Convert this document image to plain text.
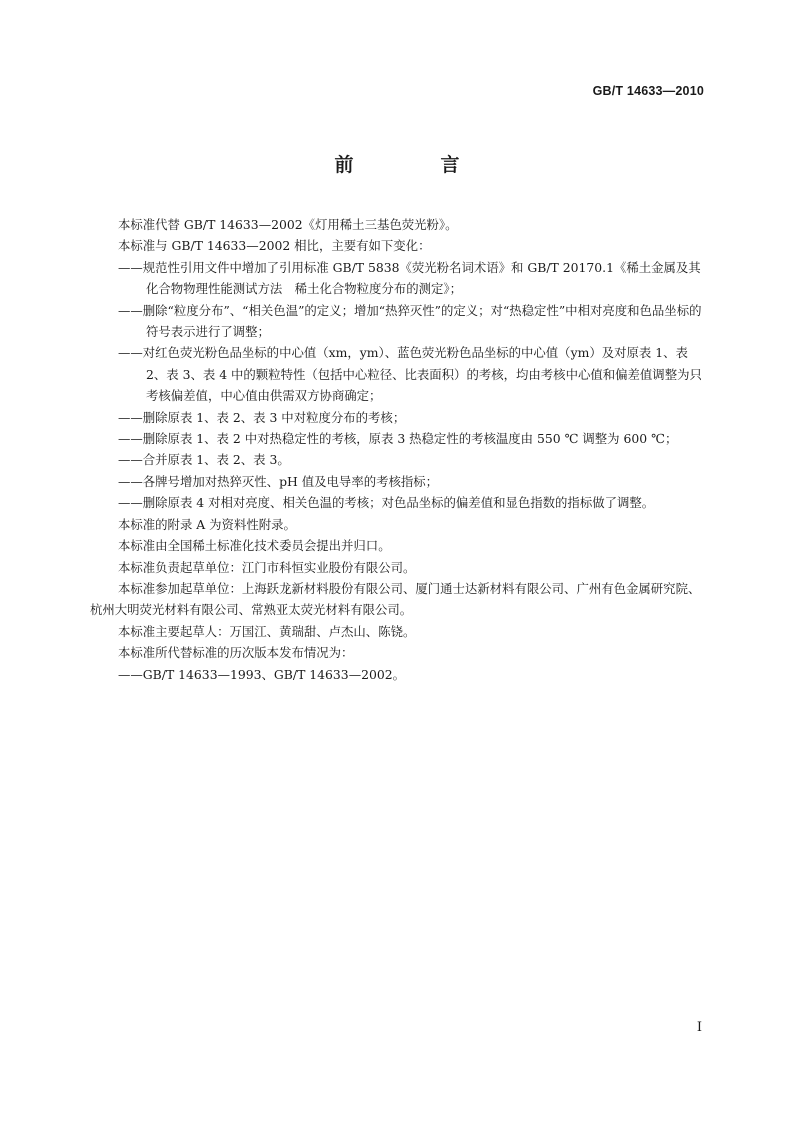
GB/T 14633—2010
前　言

本标准代替 GB/T 14633—2002《灯用稀土三基色荧光粉》。

本标准与 GB/T 14633—2002 相比，主要有如下变化：

——规范性引用文件中增加了引用标准 GB/T 5838《荧光粉名词术语》和 GB/T 20170.1《稀土金属及其化合物物理性能测试方法　稀土化合物粒度分布的测定》；

——删除“粒度分布”、“相关色温”的定义；增加“热猝灭性”的定义；对“热稳定性”中相对亮度和色品坐标的符号表示进行了调整；

——对红色荧光粉色品坐标的中心值（xm，ym）、蓝色荧光粉色品坐标的中心值（ym）及对原表 1、表 2、表 3、表 4 中的颗粒特性（包括中心粒径、比表面积）的考核，均由考核中心值和偏差值调整为只考核偏差值，中心值由供需双方协商确定；

——删除原表 1、表 2、表 3 中对粒度分布的考核；

——删除原表 1、表 2 中对热稳定性的考核，原表 3 热稳定性的考核温度由 550 ℃ 调整为 600 ℃；

——合并原表 1、表 2、表 3。

——各牌号增加对热猝灭性、pH 值及电导率的考核指标；

——删除原表 4 对相对亮度、相关色温的考核；对色品坐标的偏差值和显色指数的指标做了调整。

本标准的附录 A 为资料性附录。

本标准由全国稀土标准化技术委员会提出并归口。

本标准负责起草单位：江门市科恒实业股份有限公司。

本标准参加起草单位：上海跃龙新材料股份有限公司、厦门通士达新材料有限公司、广州有色金属研究院、杭州大明荧光材料有限公司、常熟亚太荧光材料有限公司。

本标准主要起草人：万国江、黄瑞甜、卢杰山、陈铙。

本标准所代替标准的历次版本发布情况为：

——GB/T 14633—1993、GB/T 14633—2002。

I
